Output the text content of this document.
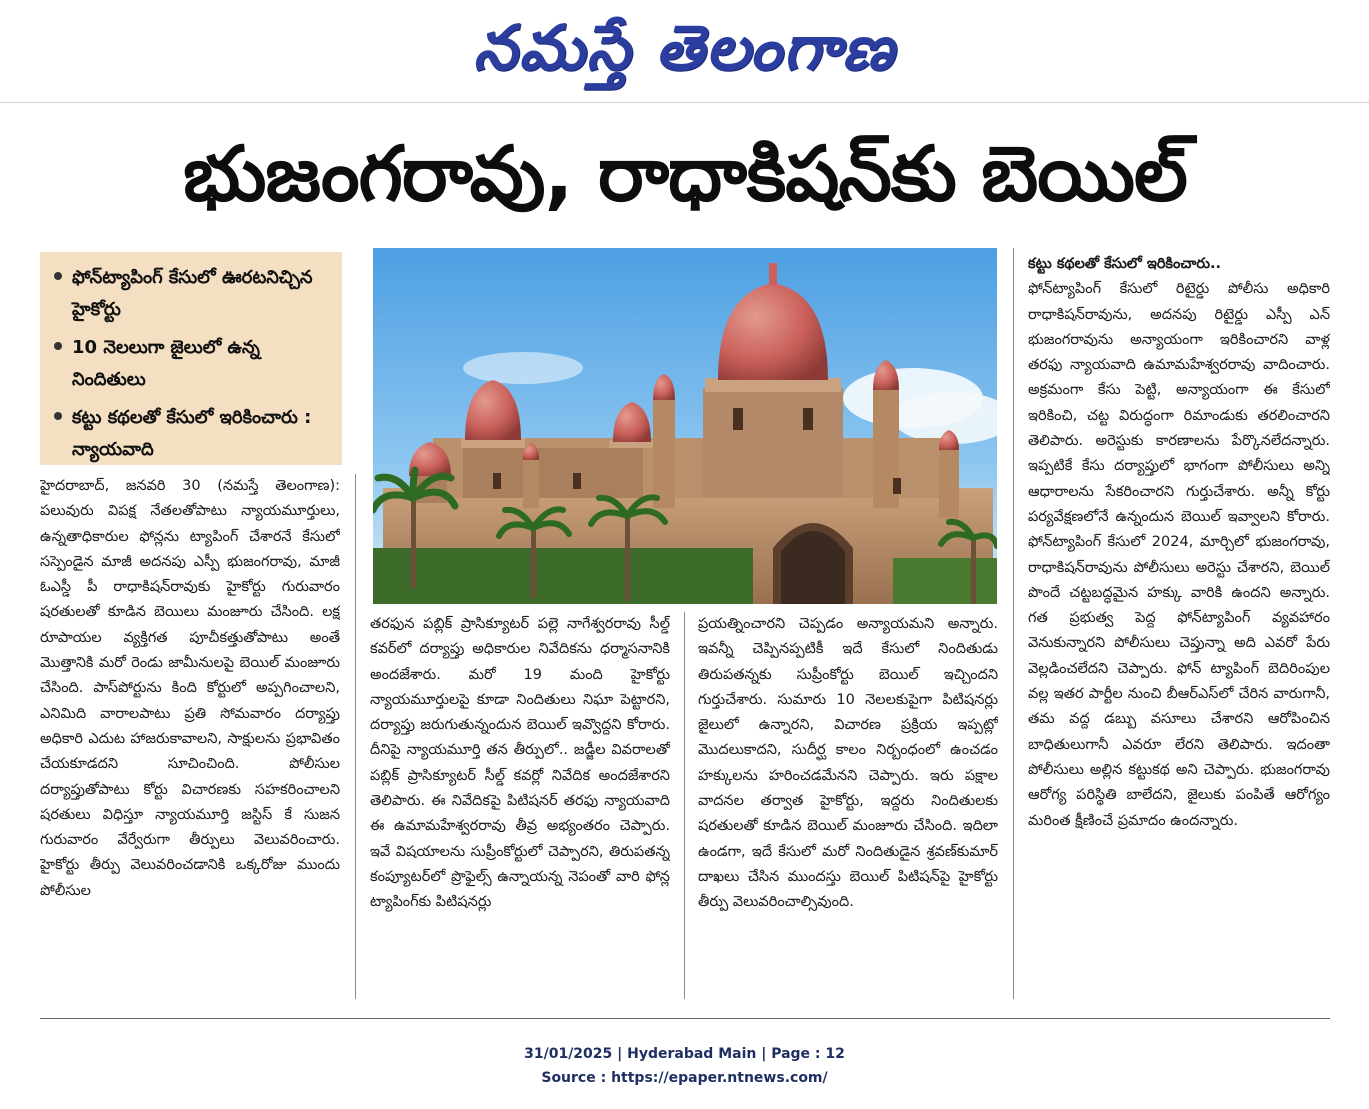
నమస్తే తెలంగాణ
భుజంగరావు, రాధాకిషన్‌కు బెయిల్
ఫోన్‌ట్యాపింగ్ కేసులో ఊరటనిచ్చిన హైకోర్టు
10 నెలలుగా జైలులో ఉన్న నిందితులు
కట్టు కథలతో కేసులో ఇరికించారు : న్యాయవాది

హైదరాబాద్, జనవరి 30 (నమస్తే తెలంగాణ): పలువురు విపక్ష నేతలతోపాటు న్యాయమూర్తులు, ఉన్నతాధికారుల ఫోన్లను ట్యాపింగ్ చేశారనే కేసులో సస్పెండైన మాజీ అదనపు ఎస్పీ భుజంగరావు, మాజీ ఓఎస్డీ పీ రాధాకిషన్‌రావుకు హైకోర్టు గురువారం షరతులతో కూడిన బెయిలు మంజూరు చేసింది. లక్ష రూపాయల వ్యక్తిగత పూచీకత్తుతోపాటు అంతే మొత్తానికి మరో రెండు జామీనులపై బెయిల్ మంజూరు చేసింది. పాస్‌పోర్టును కింది కోర్టులో అప్పగించాలని, ఎనిమిది వారాలపాటు ప్రతి సోమవారం దర్యాప్తు అధికారి ఎదుట హాజరుకావాలని, సాక్షులను ప్రభావితం చేయకూడదని సూచించింది. పోలీసుల దర్యాప్తుతోపాటు కోర్టు విచారణకు సహకరించాలని షరతులు విధిస్తూ న్యాయమూర్తి జస్టిస్ కే సుజన గురువారం వేర్వేరుగా తీర్పులు వెలువరించారు. హైకోర్టు తీర్పు వెలువరించడానికి ఒక్కరోజు ముందు పోలీసుల

తరఫున పబ్లిక్ ప్రాసిక్యూటర్ పల్లె నాగేశ్వరరావు సీల్డ్ కవర్‌లో దర్యాప్తు అధికారుల నివేదికను ధర్మాసనానికి అందజేశారు. మరో 19 మంది హైకోర్టు న్యాయమూర్తులపై కూడా నిందితులు నిఘా పెట్టారని, దర్యాప్తు జరుగుతున్నందున బెయిల్ ఇవ్వొద్దని కోరారు. దీనిపై న్యాయమూర్తి తన తీర్పులో.. జడ్జీల వివరాలతో పబ్లిక్ ప్రాసిక్యూటర్ సీల్డ్ కవర్లో నివేదిక అందజేశారని తెలిపారు. ఈ నివేదికపై పిటిషనర్ తరఫు న్యాయవాది ఈ ఉమామహేశ్వరరావు తీవ్ర అభ్యంతరం చెప్పారు. ఇవే విషయాలను సుప్రీంకోర్టులో చెప్పారని, తిరుపతన్న కంప్యూటర్‌లో ప్రొఫైల్స్ ఉన్నాయన్న నెపంతో వారి ఫోన్ల ట్యాపింగ్‌కు పిటిషనర్లు

ప్రయత్నించారని చెప్పడం అన్యాయమని అన్నారు. ఇవన్నీ చెప్పినప్పటికీ ఇదే కేసులో నిందితుడు తిరుపతన్నకు సుప్రీంకోర్టు బెయిల్ ఇచ్చిందని గుర్తుచేశారు. సుమారు 10 నెలలకుపైగా పిటిషనర్లు జైలులో ఉన్నారని, విచారణ ప్రక్రియ ఇప్పట్లో మొదలుకాదని, సుదీర్ఘ కాలం నిర్బంధంలో ఉంచడం హక్కులను హరించడమేనని చెప్పారు. ఇరు పక్షాల వాదనల తర్వాత హైకోర్టు, ఇద్దరు నిందితులకు షరతులతో కూడిన బెయిల్ మంజూరు చేసింది. ఇదిలా ఉండగా, ఇదే కేసులో మరో నిందితుడైన శ్రవణ్‌కుమార్ దాఖలు చేసిన ముందస్తు బెయిల్ పిటిషన్‌పై హైకోర్టు తీర్పు వెలువరించాల్సివుంది.

కట్టు కథలతో కేసులో ఇరికించారు..

ఫోన్‌ట్యాపింగ్ కేసులో రిటైర్డు పోలీసు అధికారి రాధాకిషన్‌రావును, అదనపు రిటైర్డు ఎస్పీ ఎన్ భుజంగరావును అన్యాయంగా ఇరికించారని వాళ్ల తరఫు న్యాయవాది ఉమామహేశ్వరరావు వాదించారు. అక్రమంగా కేసు పెట్టి, అన్యాయంగా ఈ కేసులో ఇరికించి, చట్ట విరుద్ధంగా రిమాండుకు తరలించారని తెలిపారు. అరెస్టుకు కారణాలను పేర్కొనలేదన్నారు. ఇప్పటికే కేసు దర్యాప్తులో భాగంగా పోలీసులు అన్ని ఆధారాలను సేకరించారని గుర్తుచేశారు. అన్నీ కోర్టు పర్యవేక్షణలోనే ఉన్నందున బెయిల్ ఇవ్వాలని కోరారు. ఫోన్‌ట్యాపింగ్ కేసులో 2024, మార్చిలో భుజంగరావు, రాధాకిషన్‌రావును పోలీసులు అరెస్టు చేశారని, బెయిల్ పొందే చట్టబద్ధమైన హక్కు వారికి ఉందని అన్నారు. గత ప్రభుత్వ పెద్ద ఫోన్‌ట్యాపింగ్ వ్యవహారం వెనుకున్నారని పోలీసులు చెప్తున్నా అది ఎవరో పేరు వెల్లడించలేదని చెప్పారు. ఫోన్ ట్యాపింగ్ బెదిరింపుల వల్ల ఇతర పార్టీల నుంచి బీఆర్‌ఎస్‌లో చేరిన వారుగానీ, తమ వద్ద డబ్బు వసూలు చేశారని ఆరోపించిన బాధితులుగానీ ఎవరూ లేరని తెలిపారు. ఇదంతా పోలీసులు అల్లిన కట్టుకథ అని చెప్పారు. భుజంగరావు ఆరోగ్య పరిస్థితి బాలేదని, జైలుకు పంపితే ఆరోగ్యం మరింత క్షీణించే ప్రమాదం ఉందన్నారు.

31/01/2025 | Hyderabad Main | Page : 12
Source : https://epaper.ntnews.com/
